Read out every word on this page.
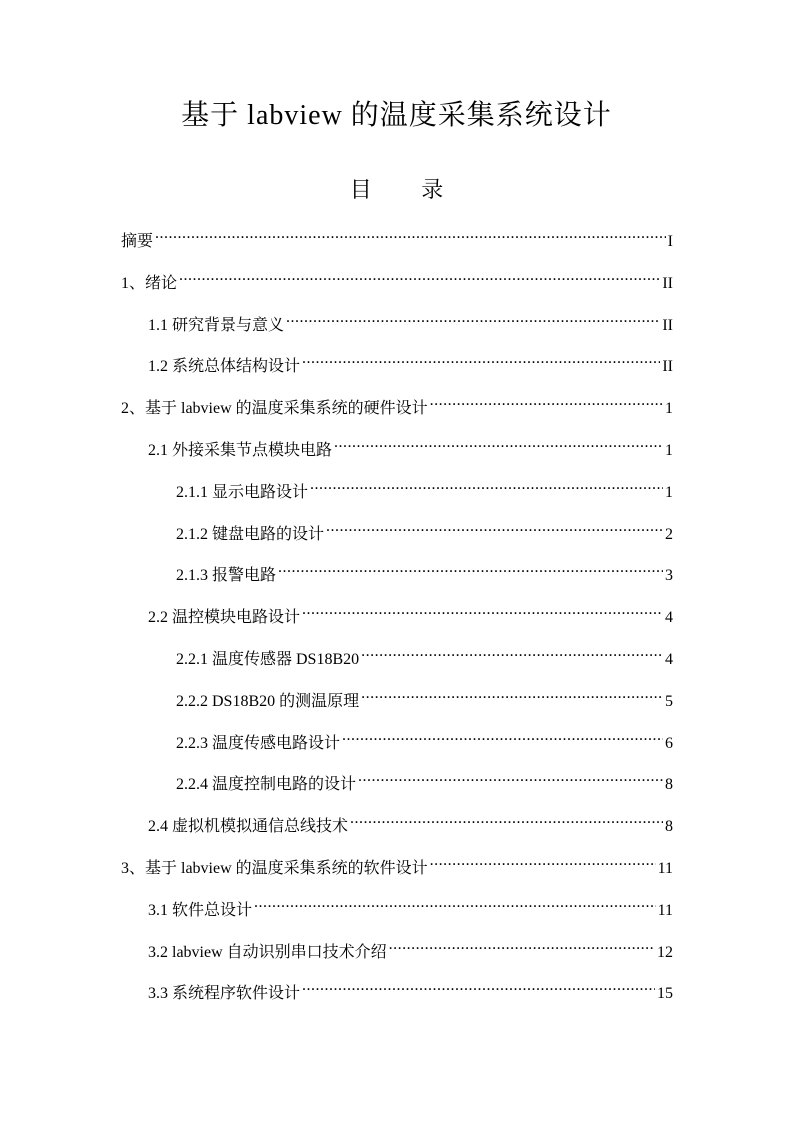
基于 labview 的温度采集系统设计
目 录
摘要 .....	I
1、绪论 .....	II
1.1 研究背景与意义 .....	II
1.2 系统总体结构设计 .....	II
2、基于 labview 的温度采集系统的硬件设计 .....	1
2.1 外接采集节点模块电路 .....	1
2.1.1 显示电路设计 .....	1
2.1.2 键盘电路的设计 .....	2
2.1.3 报警电路 .....	3
2.2 温控模块电路设计 .....	4
2.2.1 温度传感器 DS18B20 .....	4
2.2.2 DS18B20 的测温原理 .....	5
2.2.3 温度传感电路设计 .....	6
2.2.4 温度控制电路的设计 .....	8
2.4 虚拟机模拟通信总线技术 .....	8
3、基于 labview 的温度采集系统的软件设计 .....	11
3.1 软件总设计 .....	11
3.2 labview 自动识别串口技术介绍 .....	12
3.3 系统程序软件设计 .....	15
